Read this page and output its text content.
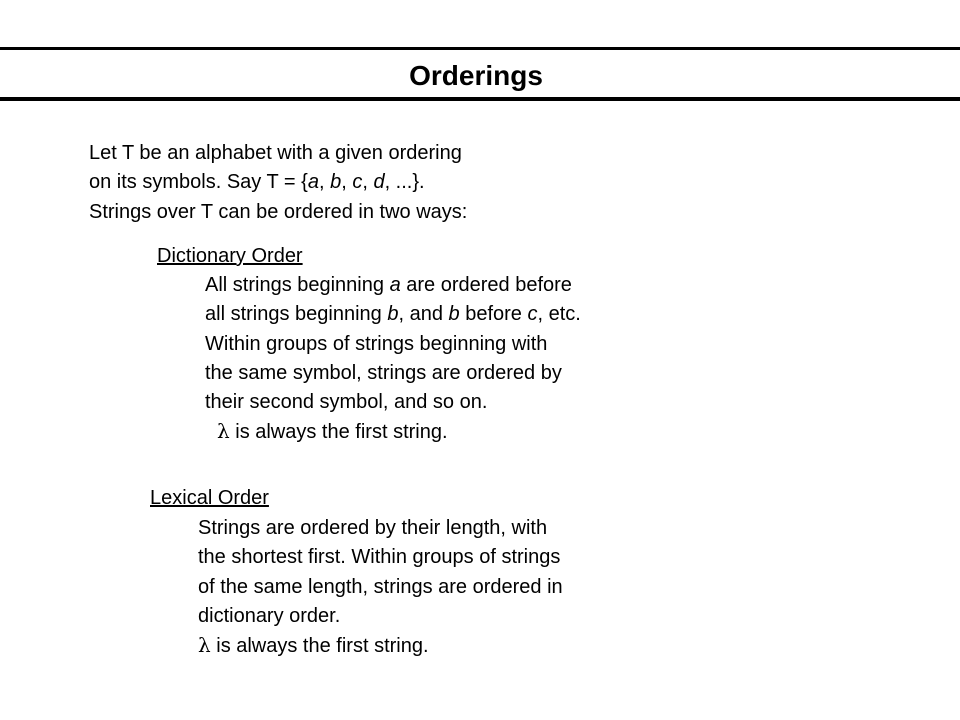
Orderings
Let T be an alphabet with a given ordering
on its symbols. Say T = {a, b, c, d, ...}.
Strings over T can be ordered in two ways:
Dictionary Order
All strings beginning a are ordered before
all strings beginning b, and b before c, etc.
Within groups of strings beginning with
the same symbol, strings are ordered by
their second symbol, and so on.
λ is always the first string.
Lexical Order
Strings are ordered by their length, with
the shortest first. Within groups of strings
of the same length, strings are ordered in
dictionary order.
λ is always the first string.
